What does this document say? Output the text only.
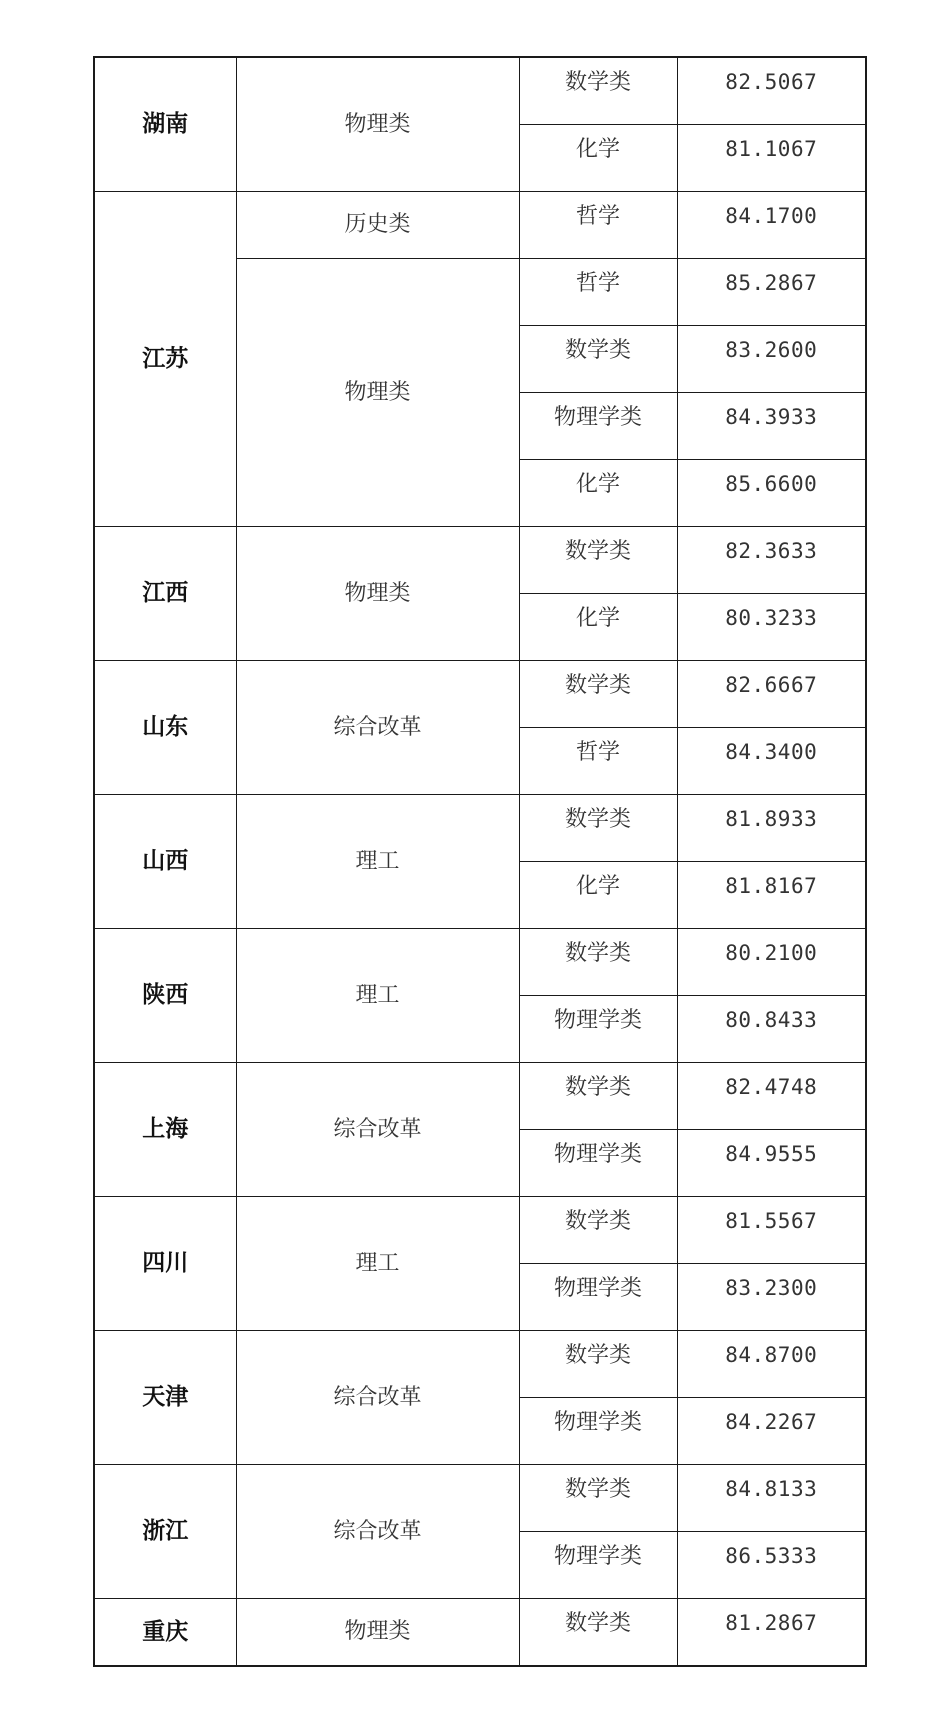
湖南	物理类	数学类	82.5067
		化学	81.1067
江苏	历史类	哲学	84.1700
	物理类	哲学	85.2867
		数学类	83.2600
		物理学类	84.3933
		化学	85.6600
江西	物理类	数学类	82.3633
		化学	80.3233
山东	综合改革	数学类	82.6667
		哲学	84.3400
山西	理工	数学类	81.8933
		化学	81.8167
陕西	理工	数学类	80.2100
		物理学类	80.8433
上海	综合改革	数学类	82.4748
		物理学类	84.9555
四川	理工	数学类	81.5567
		物理学类	83.2300
天津	综合改革	数学类	84.8700
		物理学类	84.2267
浙江	综合改革	数学类	84.8133
		物理学类	86.5333
重庆	物理类	数学类	81.2867
